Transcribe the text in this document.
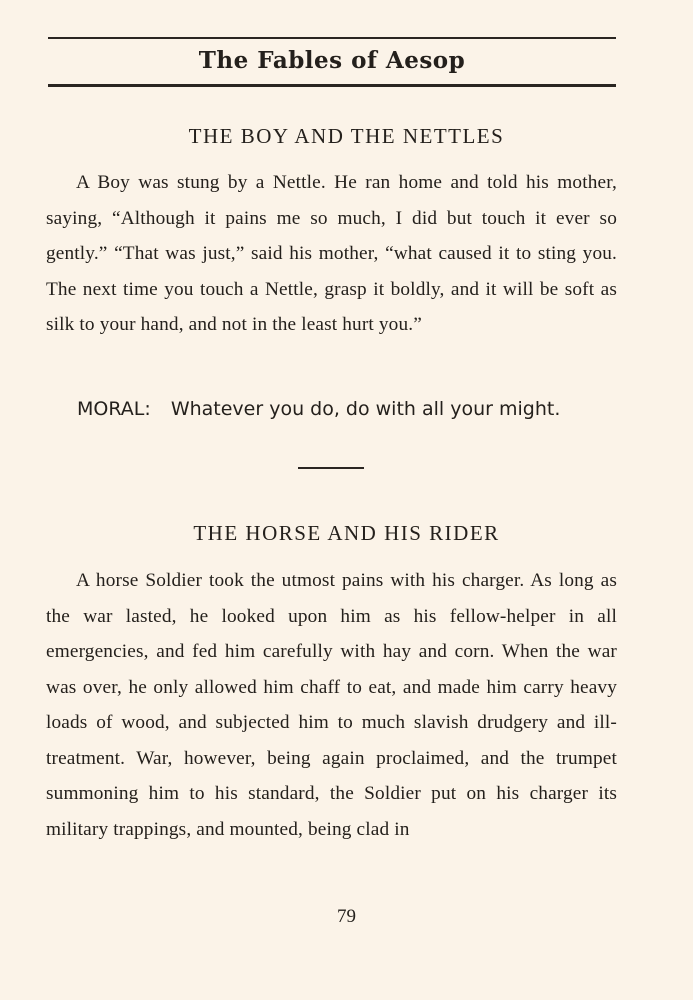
The Fables of Aesop
THE BOY AND THE NETTLES

A Boy was stung by a Nettle. He ran home and told his mother, saying, “Although it pains me so much, I did but touch it ever so gently.” “That was just,” said his mother, “what caused it to sting you. The next time you touch a Nettle, grasp it boldly, and it will be soft as silk to your hand, and not in the least hurt you.”

MORAL: Whatever you do, do with all your might.
THE HORSE AND HIS RIDER

A horse Soldier took the utmost pains with his charger. As long as the war lasted, he looked upon him as his fellow-helper in all emergencies, and fed him carefully with hay and corn. When the war was over, he only allowed him chaff to eat, and made him carry heavy loads of wood, and subjected him to much slavish drudgery and ill-treatment. War, however, being again proclaimed, and the trumpet summoning him to his standard, the Soldier put on his charger its military trappings, and mounted, being clad in

79
